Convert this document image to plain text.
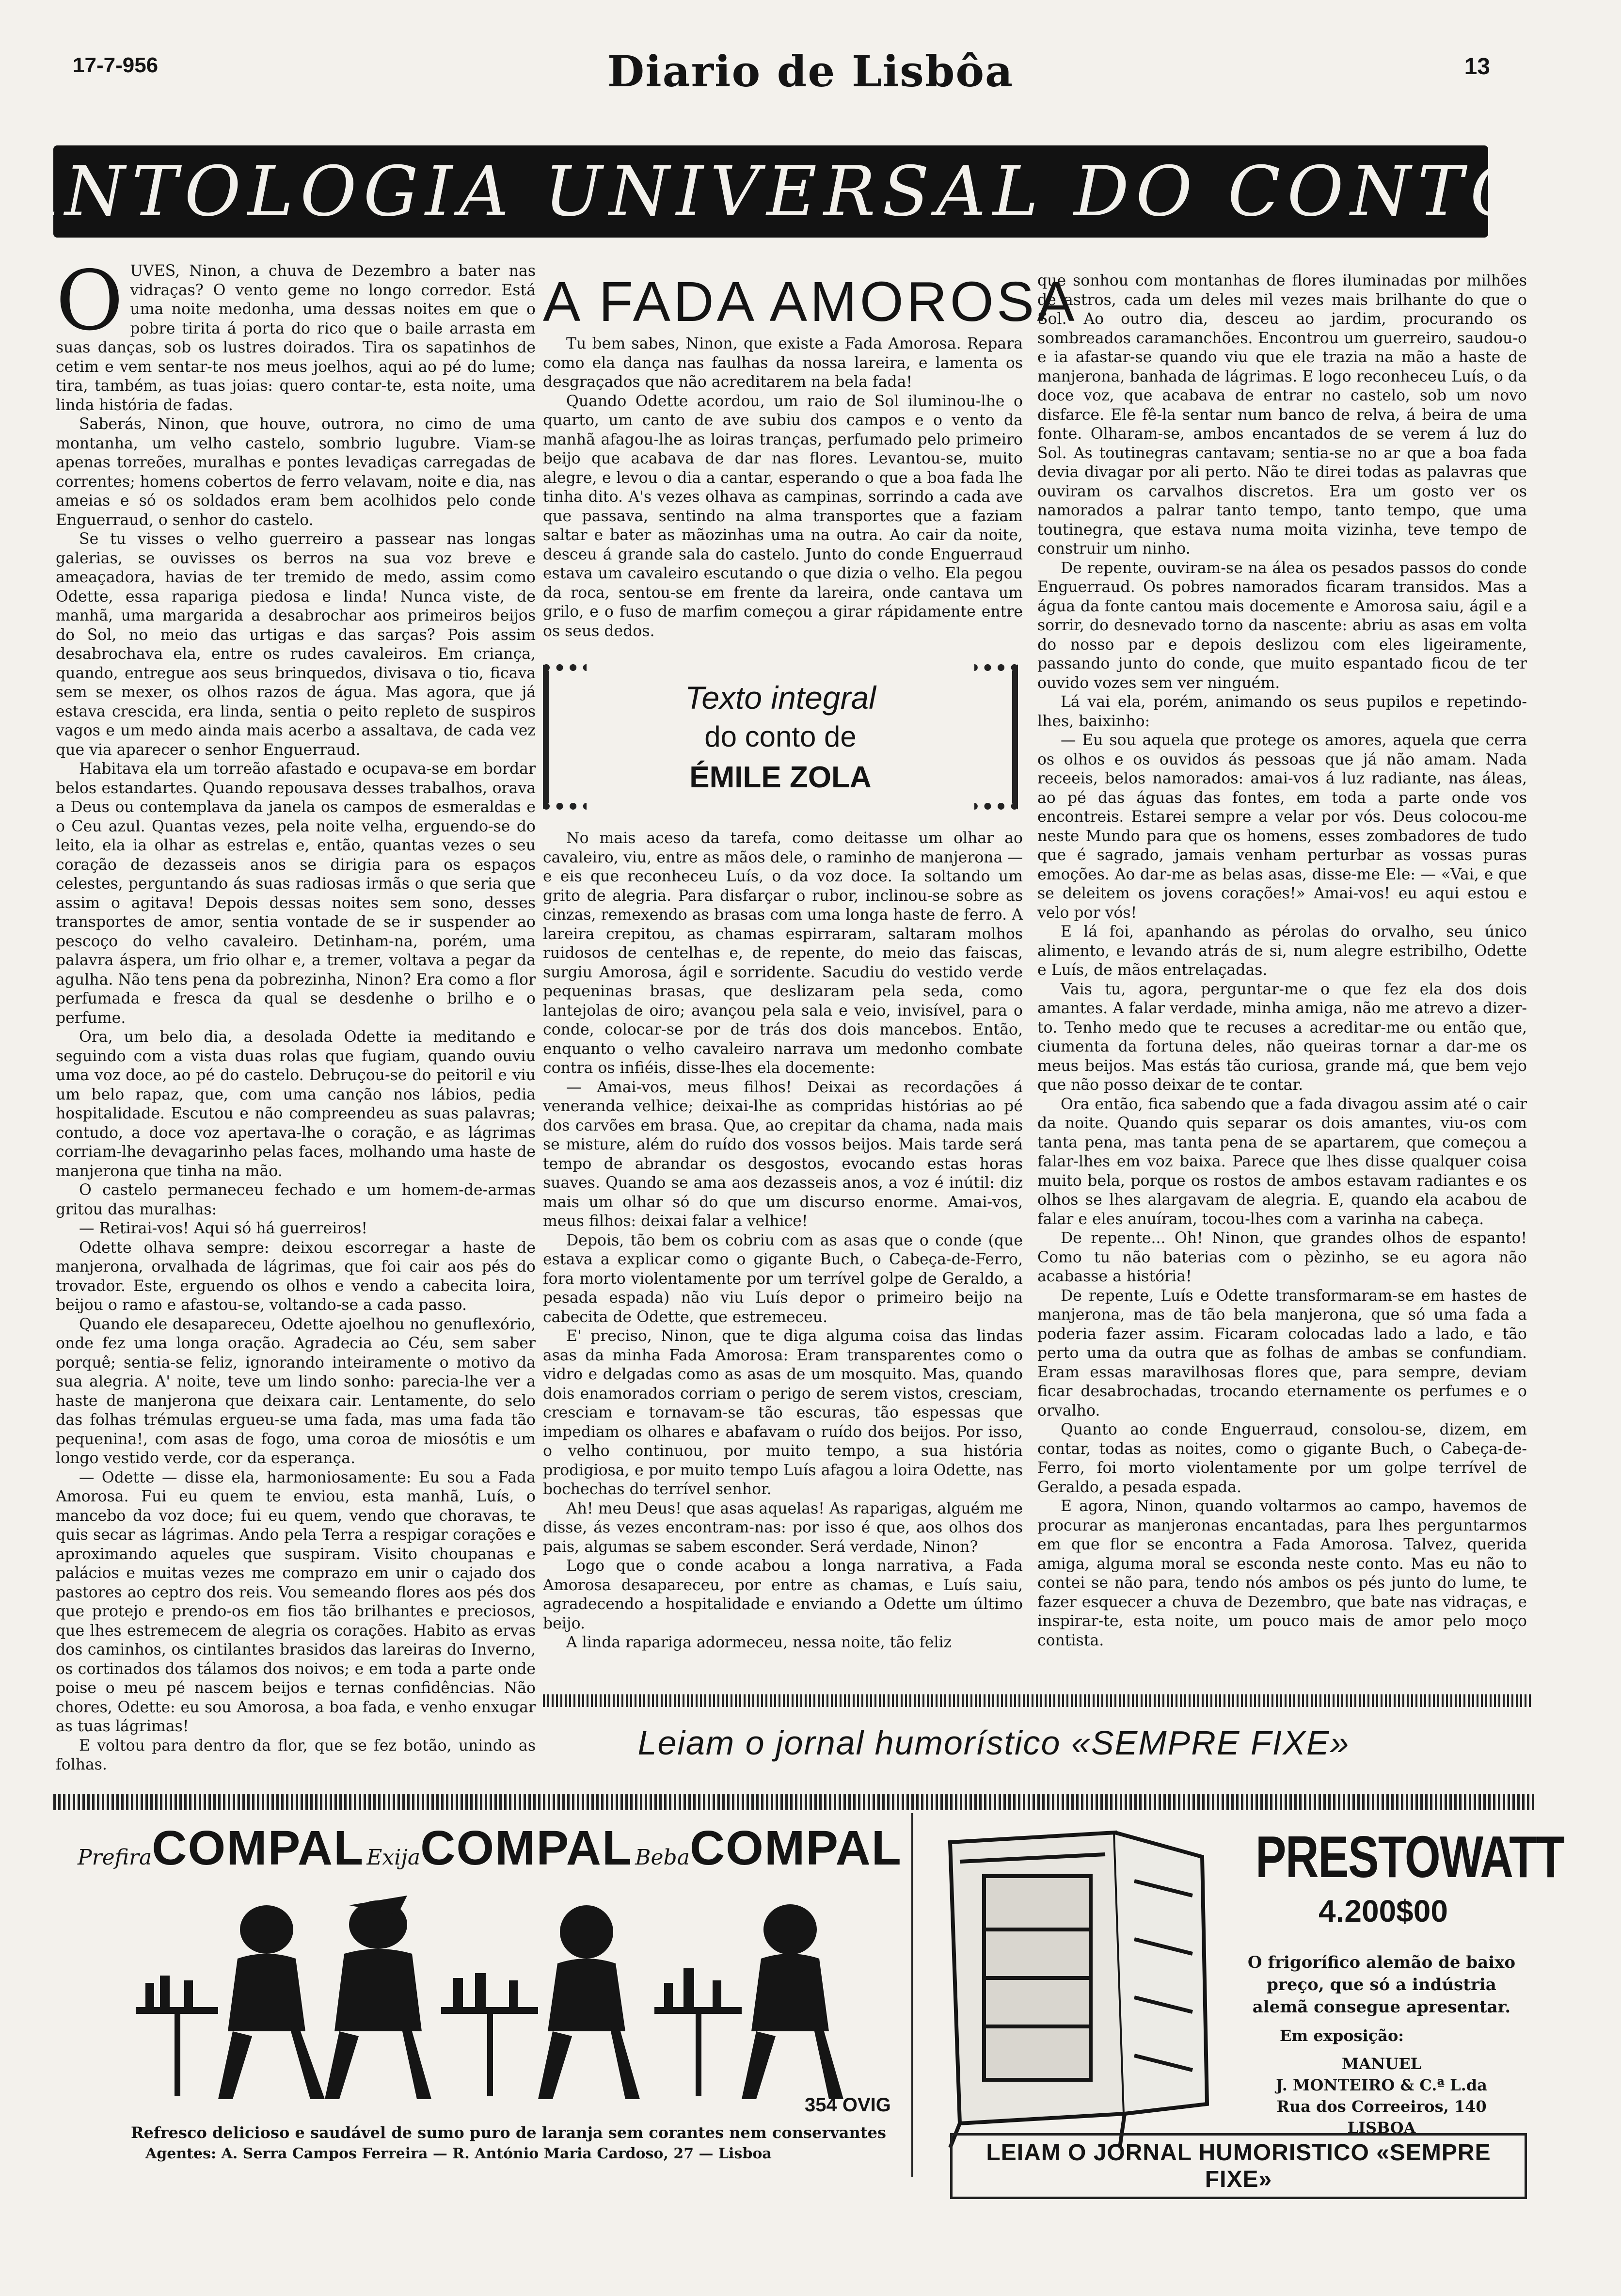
17-7-956	Diario de Lisbôa	13
ANTOLOGIA UNIVERSAL DO CONTO
O UVES, Ninon, a chuva de Dezembro a bater nas vidraças? O vento geme no longo corredor. Está uma noite medonha, uma dessas noites em que o pobre tirita á porta do rico que o baile arrasta em suas danças, sob os lustres doirados. Tira os sapatinhos de cetim e vem sentar-te nos meus joelhos, aqui ao pé do lume; tira, também, as tuas joias: quero contar-te, esta noite, uma linda história de fadas.

Saberás, Ninon, que houve, outrora, no cimo de uma montanha, um velho castelo, sombrio lugubre. Viam-se apenas torreões, muralhas e pontes levadiças carregadas de correntes; homens cobertos de ferro velavam, noite e dia, nas ameias e só os soldados eram bem acolhidos pelo conde Enguerraud, o senhor do castelo.

Se tu visses o velho guerreiro a passear nas longas galerias, se ouvisses os berros na sua voz breve e ameaçadora, havias de ter tremido de medo, assim como Odette, essa rapariga piedosa e linda! Nunca viste, de manhã, uma margarida a desabrochar aos primeiros beijos do Sol, no meio das urtigas e das sarças? Pois assim desabrochava ela, entre os rudes cavaleiros. Em criança, quando, entregue aos seus brinquedos, divisava o tio, ficava sem se mexer, os olhos razos de água. Mas agora, que já estava crescida, era linda, sentia o peito repleto de suspiros vagos e um medo ainda mais acerbo a assaltava, de cada vez que via aparecer o senhor Enguerraud.

Habitava ela um torreão afastado e ocupava-se em bordar belos estandartes. Quando repousava desses trabalhos, orava a Deus ou contemplava da janela os campos de esmeraldas e o Ceu azul. Quantas vezes, pela noite velha, erguendo-se do leito, ela ia olhar as estrelas e, então, quantas vezes o seu coração de dezasseis anos se dirigia para os espaços celestes, perguntando ás suas radiosas irmãs o que seria que assim o agitava! Depois dessas noites sem sono, desses transportes de amor, sentia vontade de se ir suspender ao pescoço do velho cavaleiro. Detinham-na, porém, uma palavra áspera, um frio olhar e, a tremer, voltava a pegar da agulha. Não tens pena da pobrezinha, Ninon? Era como a flor perfumada e fresca da qual se desdenhe o brilho e o perfume.

Ora, um belo dia, a desolada Odette ia meditando e seguindo com a vista duas rolas que fugiam, quando ouviu uma voz doce, ao pé do castelo. Debruçou-se do peitoril e viu um belo rapaz, que, com uma canção nos lábios, pedia hospitalidade. Escutou e não compreendeu as suas palavras; contudo, a doce voz apertava-lhe o coração, e as lágrimas corriam-lhe devagarinho pelas faces, molhando uma haste de manjerona que tinha na mão.

O castelo permaneceu fechado e um homem-de-armas gritou das muralhas:

— Retirai-vos! Aqui só há guerreiros!

Odette olhava sempre: deixou escorregar a haste de manjerona, orvalhada de lágrimas, que foi cair aos pés do trovador. Este, erguendo os olhos e vendo a cabecita loira, beijou o ramo e afastou-se, voltando-se a cada passo.

Quando ele desapareceu, Odette ajoelhou no genuflexório, onde fez uma longa oração. Agradecia ao Céu, sem saber porquê; sentia-se feliz, ignorando inteiramente o motivo da sua alegria. A' noite, teve um lindo sonho: parecia-lhe ver a haste de manjerona que deixara cair. Lentamente, do selo das folhas trémulas ergueu-se uma fada, mas uma fada tão pequenina!, com asas de fogo, uma coroa de miosótis e um longo vestido verde, cor da esperança.

— Odette — disse ela, harmoniosamente: Eu sou a Fada Amorosa. Fui eu quem te enviou, esta manhã, Luís, o mancebo da voz doce; fui eu quem, vendo que choravas, te quis secar as lágrimas. Ando pela Terra a respigar corações e aproximando aqueles que suspiram. Visito choupanas e palácios e muitas vezes me comprazo em unir o cajado dos pastores ao ceptro dos reis. Vou semeando flores aos pés dos que protejo e prendo-os em fios tão brilhantes e preciosos, que lhes estremecem de alegria os corações. Habito as ervas dos caminhos, os cintilantes brasidos das lareiras do Inverno, os cortinados dos tálamos dos noivos; e em toda a parte onde poise o meu pé nascem beijos e ternas confidências. Não chores, Odette: eu sou Amorosa, a boa fada, e venho enxugar as tuas lágrimas!

E voltou para dentro da flor, que se fez botão, unindo as folhas.

A FADA AMOROSA

Tu bem sabes, Ninon, que existe a Fada Amorosa. Repara como ela dança nas faulhas da nossa lareira, e lamenta os desgraçados que não acreditarem na bela fada!

Quando Odette acordou, um raio de Sol iluminou-lhe o quarto, um canto de ave subiu dos campos e o vento da manhã afagou-lhe as loiras tranças, perfumado pelo primeiro beijo que acabava de dar nas flores. Levantou-se, muito alegre, e levou o dia a cantar, esperando o que a boa fada lhe tinha dito. A's vezes olhava as campinas, sorrindo a cada ave que passava, sentindo na alma transportes que a faziam saltar e bater as mãozinhas uma na outra. Ao cair da noite, desceu á grande sala do castelo. Junto do conde Enguerraud estava um cavaleiro escutando o que dizia o velho. Ela pegou da roca, sentou-se em frente da lareira, onde cantava um grilo, e o fuso de marfim começou a girar rápidamente entre os seus dedos.

Texto integral
do conto de
ÉMILE ZOLA

No mais aceso da tarefa, como deitasse um olhar ao cavaleiro, viu, entre as mãos dele, o raminho de manjerona — e eis que reconheceu Luís, o da voz doce. Ia soltando um grito de alegria. Para disfarçar o rubor, inclinou-se sobre as cinzas, remexendo as brasas com uma longa haste de ferro. A lareira crepitou, as chamas espirraram, saltaram molhos ruidosos de centelhas e, de repente, do meio das faiscas, surgiu Amorosa, ágil e sorridente. Sacudiu do vestido verde pequeninas brasas, que deslizaram pela seda, como lantejolas de oiro; avançou pela sala e veio, invisível, para o conde, colocar-se por de trás dos dois mancebos. Então, enquanto o velho cavaleiro narrava um medonho combate contra os infiéis, disse-lhes ela docemente:

— Amai-vos, meus filhos! Deixai as recordações á veneranda velhice; deixai-lhe as compridas histórias ao pé dos carvões em brasa. Que, ao crepitar da chama, nada mais se misture, além do ruído dos vossos beijos. Mais tarde será tempo de abrandar os desgostos, evocando estas horas suaves. Quando se ama aos dezasseis anos, a voz é inútil: diz mais um olhar só do que um discurso enorme. Amai-vos, meus filhos: deixai falar a velhice!

Depois, tão bem os cobriu com as asas que o conde (que estava a explicar como o gigante Buch, o Cabeça-de-Ferro, fora morto violentamente por um terrível golpe de Geraldo, a pesada espada) não viu Luís depor o primeiro beijo na cabecita de Odette, que estremeceu.

E' preciso, Ninon, que te diga alguma coisa das lindas asas da minha Fada Amorosa: Eram transparentes como o vidro e delgadas como as asas de um mosquito. Mas, quando dois enamorados corriam o perigo de serem vistos, cresciam, cresciam e tornavam-se tão escuras, tão espessas que impediam os olhares e abafavam o ruído dos beijos. Por isso, o velho continuou, por muito tempo, a sua história prodigiosa, e por muito tempo Luís afagou a loira Odette, nas bochechas do terrível senhor.

Ah! meu Deus! que asas aquelas! As raparigas, alguém me disse, ás vezes encontram-nas: por isso é que, aos olhos dos pais, algumas se sabem esconder. Será verdade, Ninon?

Logo que o conde acabou a longa narrativa, a Fada Amorosa desapareceu, por entre as chamas, e Luís saiu, agradecendo a hospitalidade e enviando a Odette um último beijo.

A linda rapariga adormeceu, nessa noite, tão feliz

que sonhou com montanhas de flores iluminadas por milhões de astros, cada um deles mil vezes mais brilhante do que o Sol. Ao outro dia, desceu ao jardim, procurando os sombreados caramanchões. Encontrou um guerreiro, saudou-o e ia afastar-se quando viu que ele trazia na mão a haste de manjerona, banhada de lágrimas. E logo reconheceu Luís, o da doce voz, que acabava de entrar no castelo, sob um novo disfarce. Ele fê-la sentar num banco de relva, á beira de uma fonte. Olharam-se, ambos encantados de se verem á luz do Sol. As toutinegras cantavam; sentia-se no ar que a boa fada devia divagar por ali perto. Não te direi todas as palavras que ouviram os carvalhos discretos. Era um gosto ver os namorados a palrar tanto tempo, tanto tempo, que uma toutinegra, que estava numa moita vizinha, teve tempo de construir um ninho.

De repente, ouviram-se na álea os pesados passos do conde Enguerraud. Os pobres namorados ficaram transidos. Mas a água da fonte cantou mais docemente e Amorosa saiu, ágil e a sorrir, do desnevado torno da nascente: abriu as asas em volta do nosso par e depois deslizou com eles ligeiramente, passando junto do conde, que muito espantado ficou de ter ouvido vozes sem ver ninguém.

Lá vai ela, porém, animando os seus pupilos e repetindo-lhes, baixinho:

— Eu sou aquela que protege os amores, aquela que cerra os olhos e os ouvidos ás pessoas que já não amam. Nada receeis, belos namorados: amai-vos á luz radiante, nas áleas, ao pé das águas das fontes, em toda a parte onde vos encontreis. Estarei sempre a velar por vós. Deus colocou-me neste Mundo para que os homens, esses zombadores de tudo que é sagrado, jamais venham perturbar as vossas puras emoções. Ao dar-me as belas asas, disse-me Ele: — «Vai, e que se deleitem os jovens corações!» Amai-vos! eu aqui estou e velo por vós!

E lá foi, apanhando as pérolas do orvalho, seu único alimento, e levando atrás de si, num alegre estribilho, Odette e Luís, de mãos entrelaçadas.

Vais tu, agora, perguntar-me o que fez ela dos dois amantes. A falar verdade, minha amiga, não me atrevo a dizer-to. Tenho medo que te recuses a acreditar-me ou então que, ciumenta da fortuna deles, não queiras tornar a dar-me os meus beijos. Mas estás tão curiosa, grande má, que bem vejo que não posso deixar de te contar.

Ora então, fica sabendo que a fada divagou assim até o cair da noite. Quando quis separar os dois amantes, viu-os com tanta pena, mas tanta pena de se apartarem, que começou a falar-lhes em voz baixa. Parece que lhes disse qualquer coisa muito bela, porque os rostos de ambos estavam radiantes e os olhos se lhes alargavam de alegria. E, quando ela acabou de falar e eles anuíram, tocou-lhes com a varinha na cabeça.

De repente... Oh! Ninon, que grandes olhos de espanto! Como tu não baterias com o pèzinho, se eu agora não acabasse a história!

De repente, Luís e Odette transformaram-se em hastes de manjerona, mas de tão bela manjerona, que só uma fada a poderia fazer assim. Ficaram colocadas lado a lado, e tão perto uma da outra que as folhas de ambas se confundiam. Eram essas maravilhosas flores que, para sempre, deviam ficar desabrochadas, trocando eternamente os perfumes e o orvalho.

Quanto ao conde Enguerraud, consolou-se, dizem, em contar, todas as noites, como o gigante Buch, o Cabeça-de-Ferro, foi morto violentamente por um golpe terrível de Geraldo, a pesada espada.

E agora, Ninon, quando voltarmos ao campo, havemos de procurar as manjeronas encantadas, para lhes perguntarmos em que flor se encontra a Fada Amorosa. Talvez, querida amiga, alguma moral se esconda neste conto. Mas eu não to contei se não para, tendo nós ambos os pés junto do lume, te fazer esquecer a chuva de Dezembro, que bate nas vidraças, e inspirar-te, esta noite, um pouco mais de amor pelo moço contista.

Leiam o jornal humorístico «SEMPRE FIXE»
PrefiraCOMPAL ExijaCOMPAL BebaCOMPAL
354 OVIG
Refresco delicioso e saudável de sumo puro de laranja sem corantes nem conservantes
Agentes: A. Serra Campos Ferreira — R. António Maria Cardoso, 27 — Lisboa
PRESTOWATT
4.200$00
O frigorífico alemão de baixo preço, que só a indústria alemã consegue apresentar.
Em exposição:
MANUEL
J. MONTEIRO & C.ª L.da
Rua dos Correeiros, 140
LISBOA
LEIAM O JORNAL HUMORISTICO «SEMPRE FIXE»
